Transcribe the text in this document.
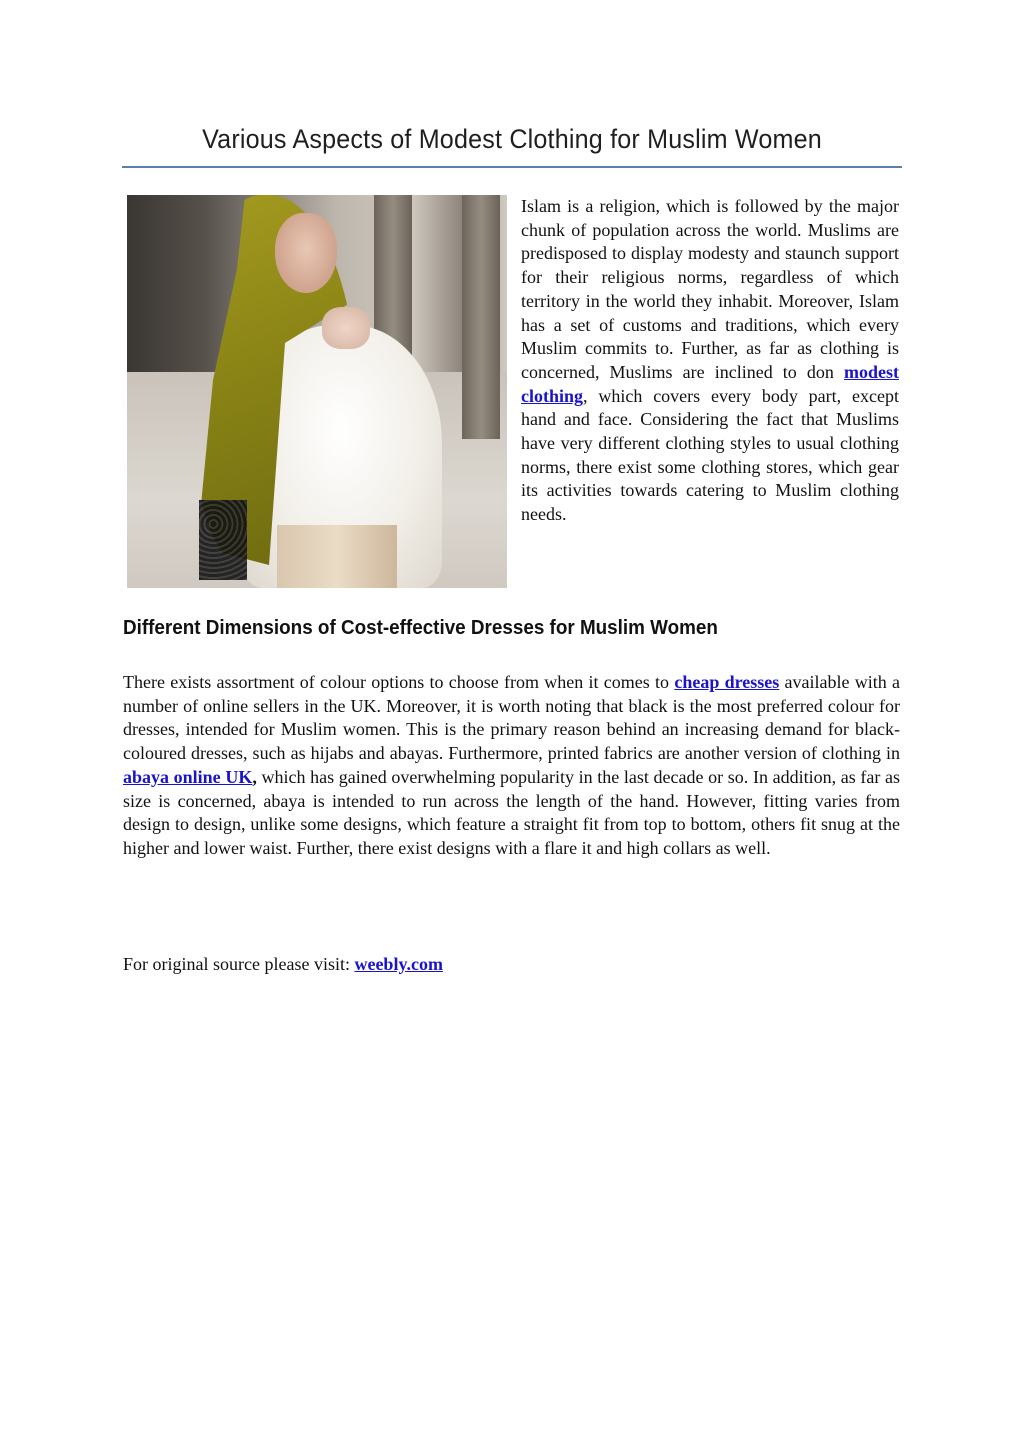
Various Aspects of Modest Clothing for Muslim Women

Islam is a religion, which is followed by the major chunk of population across the world. Muslims are predisposed to display modesty and staunch support for their religious norms, regardless of which territory in the world they inhabit. Moreover, Islam has a set of customs and traditions, which every Muslim commits to. Further, as far as clothing is concerned, Muslims are inclined to don modest clothing, which covers every body part, except hand and face. Considering the fact that Muslims have very different clothing styles to usual clothing norms, there exist some clothing stores, which gear its activities towards catering to Muslim clothing needs.

Different Dimensions of Cost-effective Dresses for Muslim Women

There exists assortment of colour options to choose from when it comes to cheap dresses available with a number of online sellers in the UK. Moreover, it is worth noting that black is the most preferred colour for dresses, intended for Muslim women. This is the primary reason behind an increasing demand for black-coloured dresses, such as hijabs and abayas. Furthermore, printed fabrics are another version of clothing in abaya online UK, which has gained overwhelming popularity in the last decade or so. In addition, as far as size is concerned, abaya is intended to run across the length of the hand. However, fitting varies from design to design, unlike some designs, which feature a straight fit from top to bottom, others fit snug at the higher and lower waist. Further, there exist designs with a flare it and high collars as well.

For original source please visit: weebly.com
